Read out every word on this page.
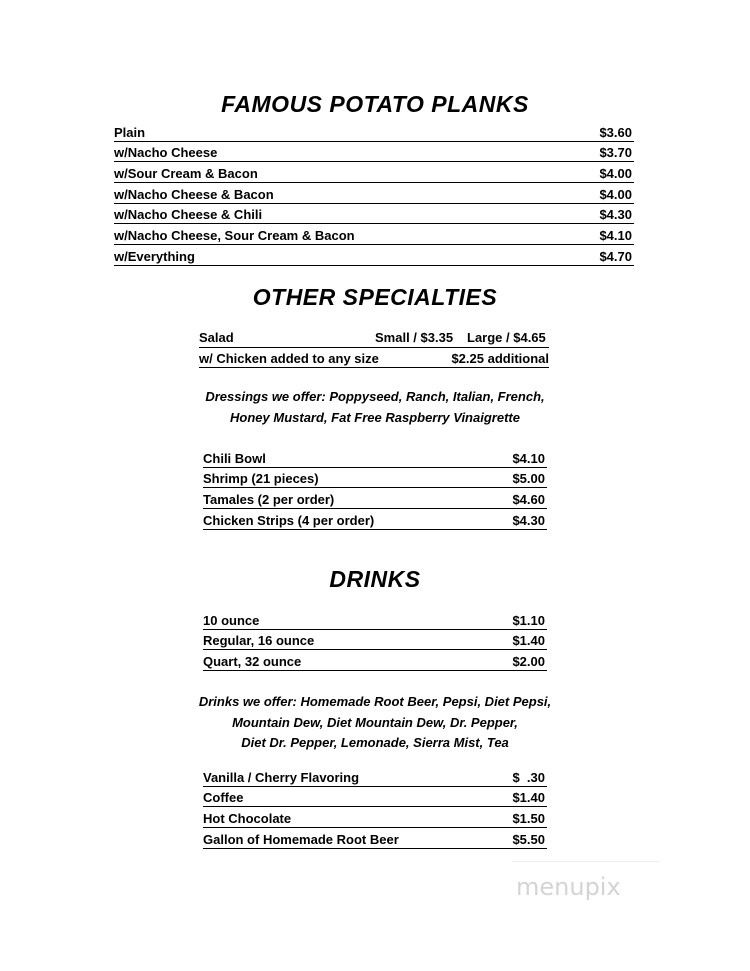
FAMOUS POTATO PLANKS
Plain	$3.60
w/Nacho Cheese	$3.70
w/Sour Cream & Bacon	$4.00
w/Nacho Cheese & Bacon	$4.00
w/Nacho Cheese & Chili	$4.30
w/Nacho Cheese, Sour Cream & Bacon	$4.10
w/Everything	$4.70
OTHER SPECIALTIES
Salad	Small / $3.35	Large / $4.65
w/ Chicken added to any size	$2.25 additional
Dressings we offer: Poppyseed, Ranch, Italian, French,
Honey Mustard, Fat Free Raspberry Vinaigrette
Chili Bowl	$4.10
Shrimp (21 pieces)	$5.00
Tamales (2 per order)	$4.60
Chicken Strips (4 per order)	$4.30
DRINKS
10 ounce	$1.10
Regular, 16 ounce	$1.40
Quart, 32 ounce	$2.00
Drinks we offer: Homemade Root Beer, Pepsi, Diet Pepsi,
Mountain Dew, Diet Mountain Dew, Dr. Pepper,
Diet Dr. Pepper, Lemonade, Sierra Mist, Tea
Vanilla / Cherry Flavoring	$  .30
Coffee	$1.40
Hot Chocolate	$1.50
Gallon of Homemade Root Beer	$5.50
menupix
